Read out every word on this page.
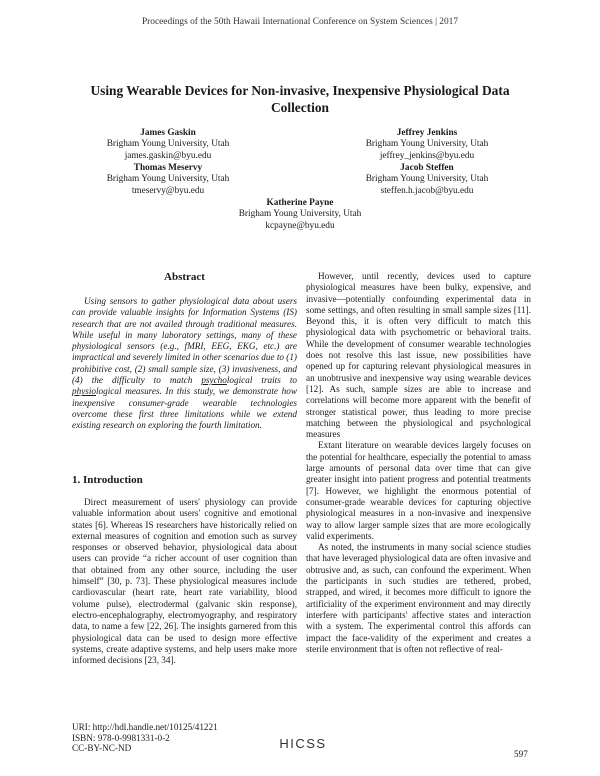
Proceedings of the 50th Hawaii International Conference on System Sciences | 2017
Using Wearable Devices for Non-invasive, Inexpensive Physiological Data Collection
James Gaskin
Brigham Young University, Utah
james.gaskin@byu.edu
Jeffrey Jenkins
Brigham Young University, Utah
jeffrey_jenkins@byu.edu
Thomas Meservy
Brigham Young University, Utah
tmeservy@byu.edu
Jacob Steffen
Brigham Young University, Utah
steffen.h.jacob@byu.edu
Katherine Payne
Brigham Young University, Utah
kcpayne@byu.edu
Abstract
Using sensors to gather physiological data about users can provide valuable insights for Information Systems (IS) research that are not availed through traditional measures. While useful in many laboratory settings, many of these physiological sensors (e.g., fMRI, EEG, EKG, etc.) are impractical and severely limited in other scenarios due to (1) prohibitive cost, (2) small sample size, (3) invasiveness, and (4) the difficulty to match psychological traits to physiological measures. In this study, we demonstrate how inexpensive consumer-grade wearable technologies overcome these first three limitations while we extend existing research on exploring the fourth limitation.
1. Introduction

Direct measurement of users' physiology can provide valuable information about users' cognitive and emotional states [6]. Whereas IS researchers have historically relied on external measures of cognition and emotion such as survey responses or observed behavior, physiological data about users can provide “a richer account of user cognition than that obtained from any other source, including the user himself” [30, p. 73]. These physiological measures include cardiovascular (heart rate, heart rate variability, blood volume pulse), electrodermal (galvanic skin response), electro-encephalography, electromyography, and respiratory data, to name a few [22, 26]. The insights garnered from this physiological data can be used to design more effective systems, create adaptive systems, and help users make more informed decisions [23, 34].

However, until recently, devices used to capture physiological measures have been bulky, expensive, and invasive—potentially confounding experimental data in some settings, and often resulting in small sample sizes [11]. Beyond this, it is often very difficult to match this physiological data with psychometric or behavioral traits. While the development of consumer wearable technologies does not resolve this last issue, new possibilities have opened up for capturing relevant physiological measures in an unobtrusive and inexpensive way using wearable devices [12]. As such, sample sizes are able to increase and correlations will become more apparent with the benefit of stronger statistical power, thus leading to more precise matching between the physiological and psychological measures

Extant literature on wearable devices largely focuses on the potential for healthcare, especially the potential to amass large amounts of personal data over time that can give greater insight into patient progress and potential treatments [7]. However, we highlight the enormous potential of consumer-grade wearable devices for capturing objective physiological measures in a non-invasive and inexpensive way to allow larger sample sizes that are more ecologically valid experiments.

As noted, the instruments in many social science studies that have leveraged physiological data are often invasive and obtrusive and, as such, can confound the experiment. When the participants in such studies are tethered, probed, strapped, and wired, it becomes more difficult to ignore the artificiality of the experiment environment and may directly interfere with participants' affective states and interaction with a system. The experimental control this affords can impact the face-validity of the experiment and creates a sterile environment that is often not reflective of real-

URI: http://hdl.handle.net/10125/41221
ISBN: 978-0-9981331-0-2
CC-BY-NC-ND	HICSS
597
